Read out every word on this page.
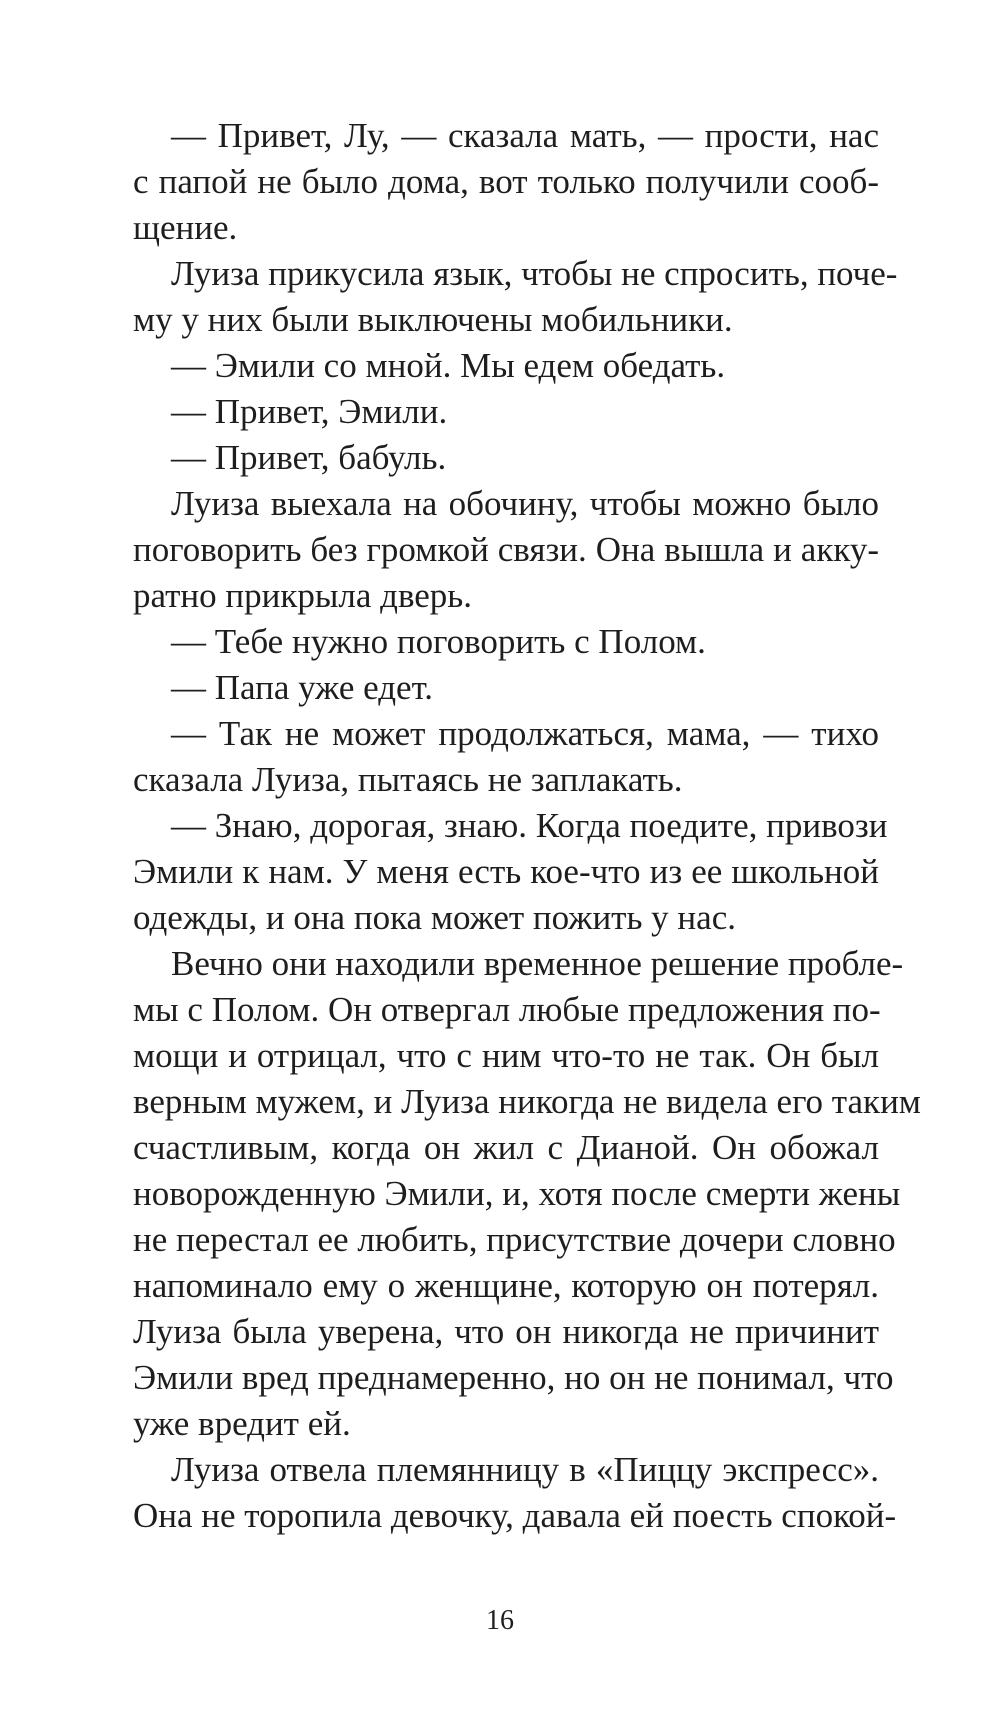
— Привет, Лу, — сказала мать, — прости, нас
с папой не было дома, вот только получили сооб-
щение.
Луиза прикусила язык, чтобы не спросить, поче-
му у них были выключены мобильники.
— Эмили со мной. Мы едем обедать.
— Привет, Эмили.
— Привет, бабуль.
Луиза выехала на обочину, чтобы можно было
поговорить без громкой связи. Она вышла и акку-
ратно прикрыла дверь.
— Тебе нужно поговорить с Полом.
— Папа уже едет.
— Так не может продолжаться, мама, — тихо
сказала Луиза, пытаясь не заплакать.
— Знаю, дорогая, знаю. Когда поедите, привози
Эмили к нам. У меня есть кое-что из ее школьной
одежды, и она пока может пожить у нас.
Вечно они находили временное решение пробле-
мы с Полом. Он отвергал любые предложения по-
мощи и отрицал, что с ним что-то не так. Он был
верным мужем, и Луиза никогда не видела его таким
счастливым, когда он жил с Дианой. Он обожал
новорожденную Эмили, и, хотя после смерти жены
не перестал ее любить, присутствие дочери словно
напоминало ему о женщине, которую он потерял.
Луиза была уверена, что он никогда не причинит
Эмили вред преднамеренно, но он не понимал, что
уже вредит ей.
Луиза отвела племянницу в «Пиццу экспресс».
Она не торопила девочку, давала ей поесть спокой-
16
